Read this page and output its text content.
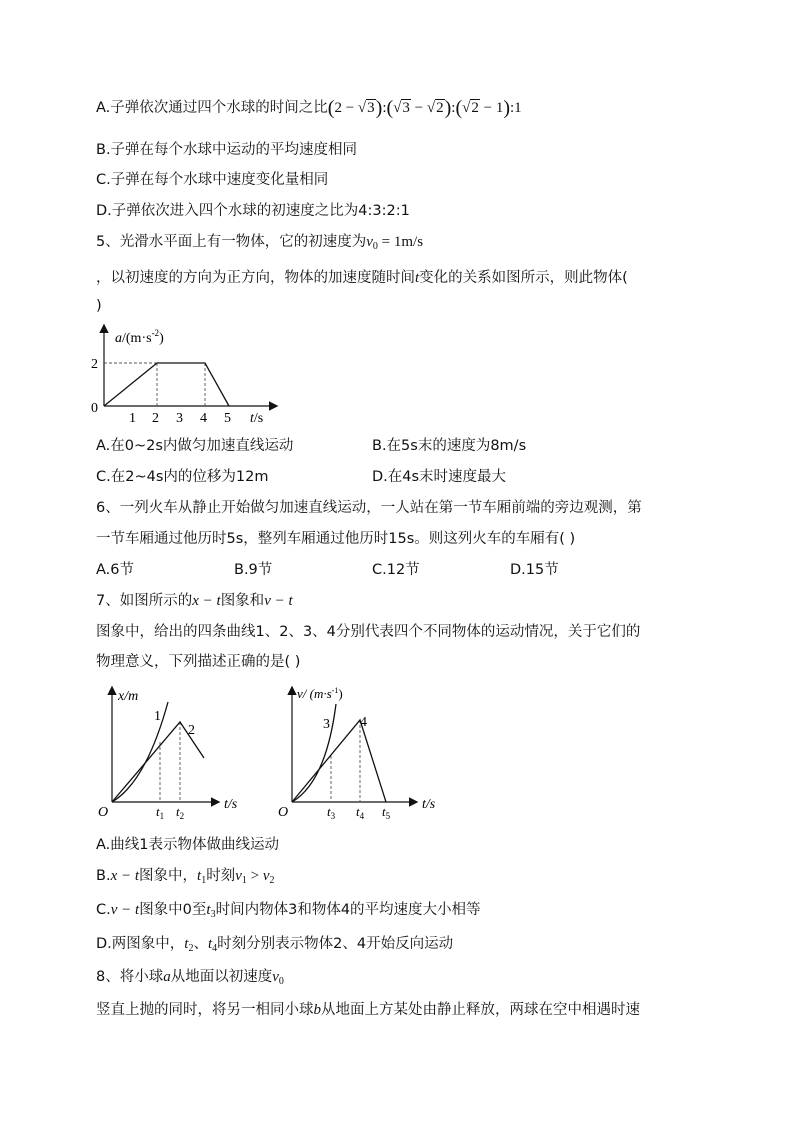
A.子弹依次通过四个水球的时间之比(2 − √3):(√3 − √2):(√2 − 1):1
B.子弹在每个水球中运动的平均速度相同
C.子弹在每个水球中速度变化量相同
D.子弹依次进入四个水球的初速度之比为4:3:2:1
5、光滑水平面上有一物体，它的初速度为$v_0 = 1m/s$
，以初速度的方向为正方向，物体的加速度随时间t变化的关系如图所示，则此物体(
)
$a/(m\cdot s^{-2})$
2
0
1 2 3 4 5 t/s
A.在0~2s内做匀加速直线运动	B.在5s末的速度为8m/s
C.在2~4s内的位移为12m	D.在4s末时速度最大
6、一列火车从静止开始做匀加速直线运动，一人站在第一节车厢前端的旁边观测，第
一节车厢通过他历时5s，整列车厢通过他历时15s。则这列火车的车厢有( )
A.6节	B.9节	C.12节	D.15节
7、如图所示的x − t图象和v − t
图象中，给出的四条曲线1、2、3、4分别代表四个不同物体的运动情况，关于它们的
物理意义，下列描述正确的是( )
x/m
O
1
2
$t_1$ $t_2$
t/s
v/ $(m\cdot s^{-1})$
O
3 4
$t_3$ $t_4$ $t_5$
t/s
A.曲线1表示物体做曲线运动
B.x − t图象中，$t_1$时刻$v_1 > v_2$
C.v − t图象中0至$t_3$时间内物体3和物体4的平均速度大小相等
D.两图象中，$t_2$、$t_4$时刻分别表示物体2、4开始反向运动
8、将小球a从地面以初速度$v_0$
竖直上抛的同时，将另一相同小球b从地面上方某处由静止释放，两球在空中相遇时速
